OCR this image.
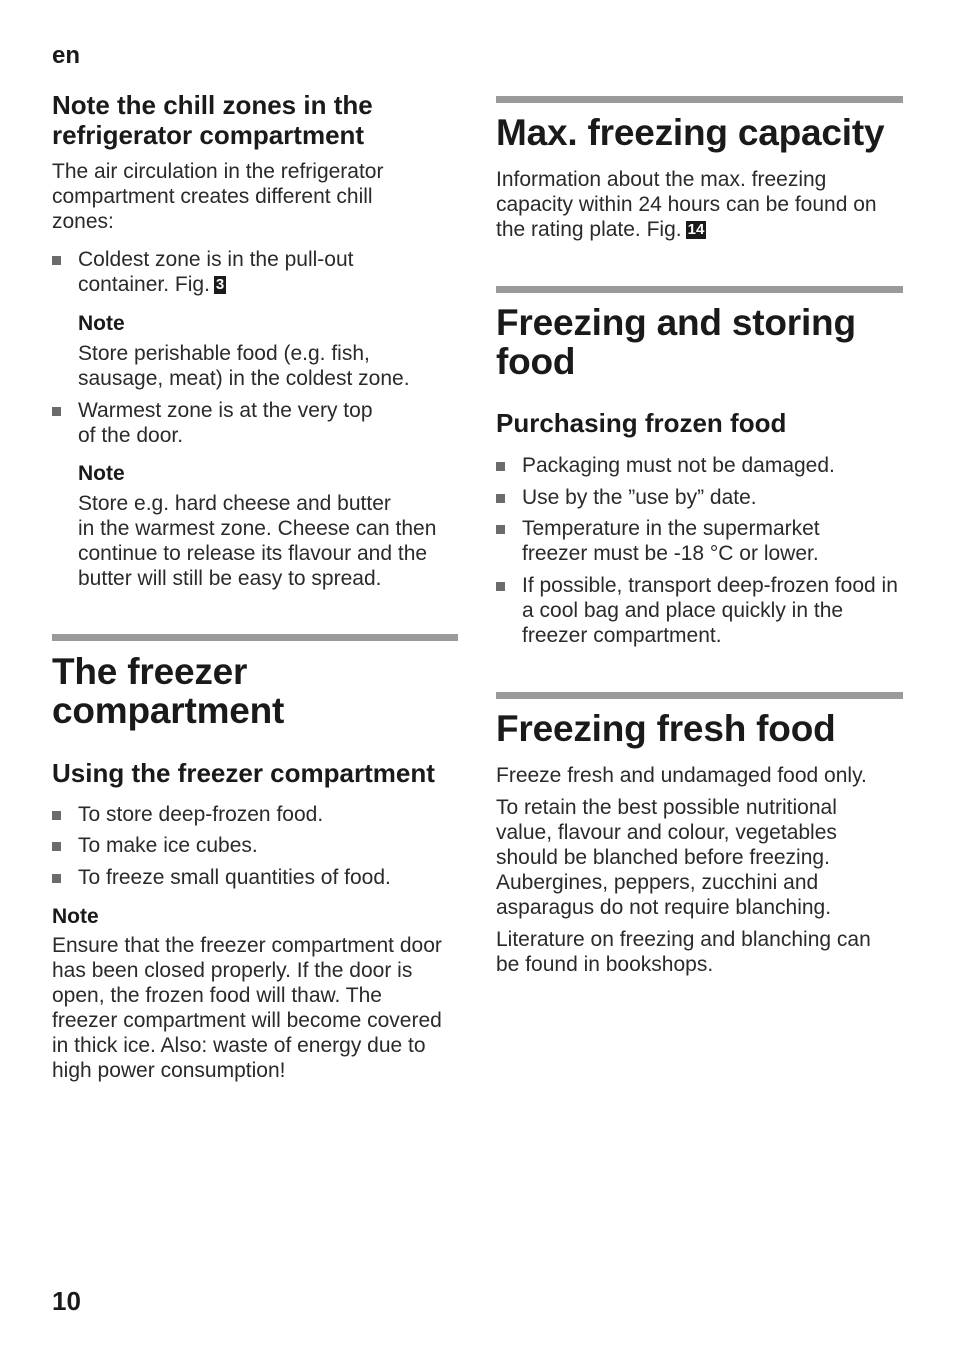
en
Note the chill zones in the
refrigerator compartment

The air circulation in the refrigerator compartment creates different chill zones:

Coldest zone is in the pull-out container. Fig. 3
Note

Store perishable food (e.g. fish, sausage, meat) in the coldest zone.

Warmest zone is at the very top
of the door.
Note

Store e.g. hard cheese and butter
in the warmest zone. Cheese can then continue to release its flavour and the butter will still be easy to spread.

The freezer
compartment
Using the freezer compartment
To store deep-frozen food.
To make ice cubes.
To freeze small quantities of food.
Note

Ensure that the freezer compartment door has been closed properly. If the door is open, the frozen food will thaw. The freezer compartment will become covered in thick ice. Also: waste of energy due to high power consumption!

Max. freezing capacity

Information about the max. freezing capacity within 24 hours can be found on the rating plate. Fig. 14

Freezing and storing
food
Purchasing frozen food
Packaging must not be damaged.
Use by the ”use by” date.
Temperature in the supermarket freezer must be -18 °C or lower.
If possible, transport deep-frozen food in a cool bag and place quickly in the freezer compartment.
Freezing fresh food

Freeze fresh and undamaged food only.

To retain the best possible nutritional value, flavour and colour, vegetables should be blanched before freezing. Aubergines, peppers, zucchini and asparagus do not require blanching.

Literature on freezing and blanching can be found in bookshops.

10
